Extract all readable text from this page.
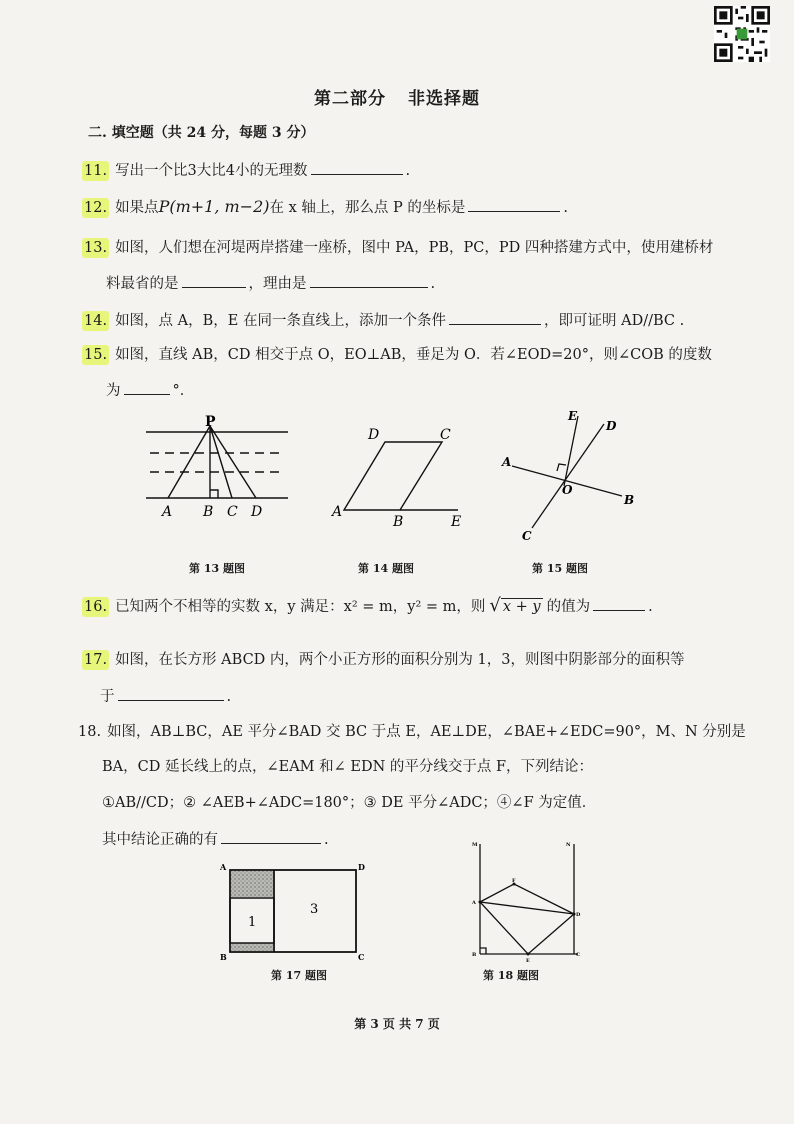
第二部分 非选择题
二. 填空题（共 24 分，每题 3 分）
11. 写出一个比3大比4小的无理数	.
12. 如果点P(m+1, m−2)在 x 轴上，那么点 P 的坐标是	.
13. 如图，人们想在河堤两岸搭建一座桥，图中 PA，PB，PC，PD 四种搭建方式中，使用建桥材
料最省的是	，理由是	.
14. 如图，点 A，B，E 在同一条直线上，添加一个条件	，即可证明 AD//BC .
15. 如图，直线 AB，CD 相交于点 O，EO⊥AB，垂足为 O．若∠EOD=20°，则∠COB 的度数
为	°．
P
A B C D
第 13 题图
D	C
A
B	E
第 14 题图
A
B
C
D
E
O
第 15 题图
16. 已知两个不相等的实数 x，y 满足：x² = m，y² = m，则 √ x + y 的值为	.
17. 如图，在长方形 ABCD 内，两个小正方形的面积分别为 1，3，则图中阴影部分的面积等
于	.
18. 如图，AB⊥BC，AE 平分∠BAD 交 BC 于点 E，AE⊥DE，∠BAE+∠EDC=90°，M、N 分别是
BA，CD 延长线上的点，∠EAM 和∠ EDN 的平分线交于点 F，下列结论：
①AB//CD；② ∠AEB+∠ADC=180°；③ DE 平分∠ADC；④∠F 为定值．
其中结论正确的有	.
1
3
A
B	C
D
第 17 题图
M	N
A
F
D
B
E
C
第 18 题图
第 3 页 共 7 页
